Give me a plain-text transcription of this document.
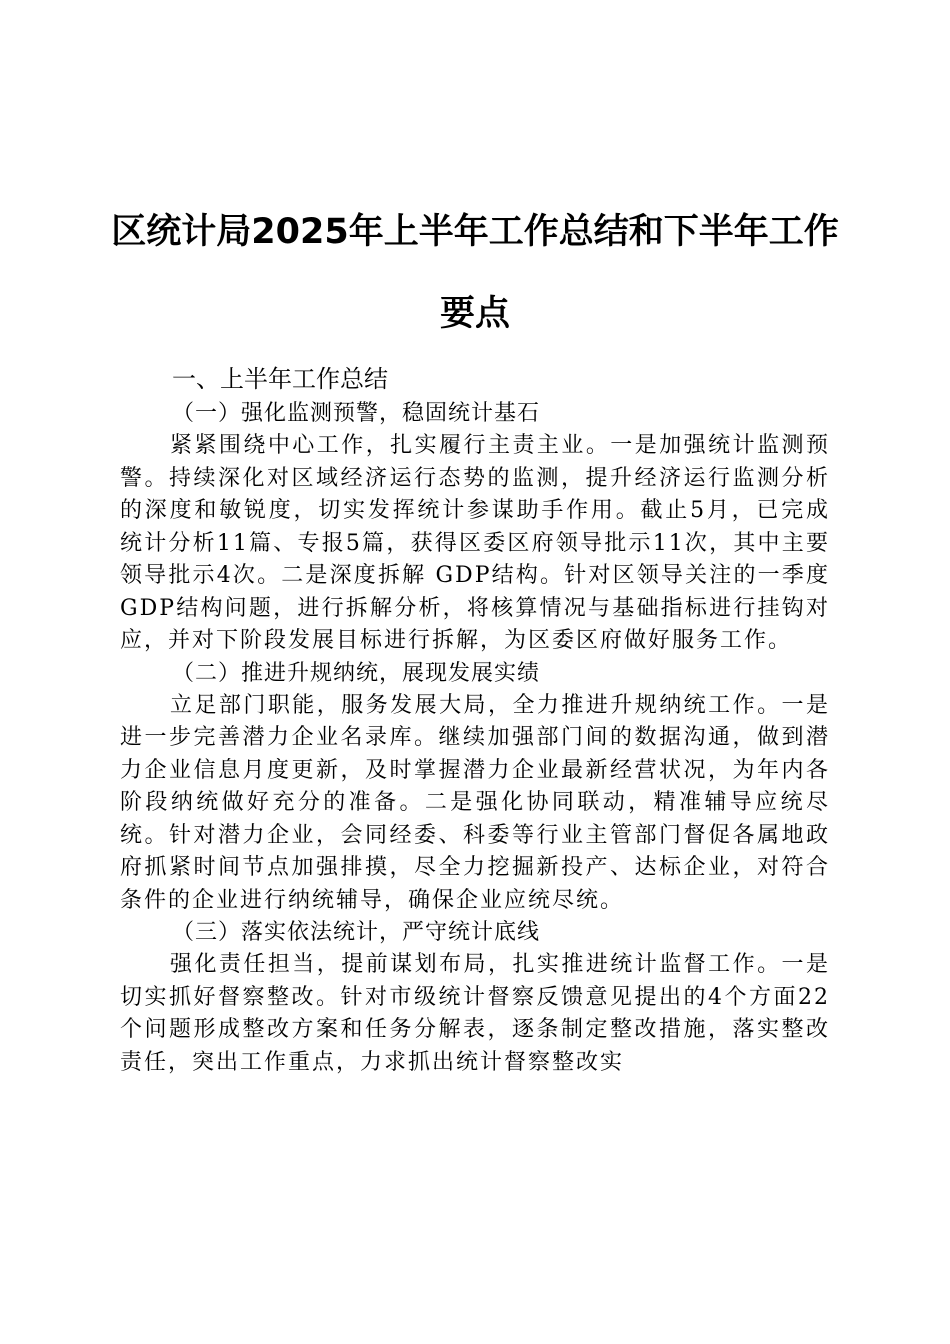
区统计局2025年上半年工作总结和下半年工作要点

一、上半年工作总结

（一）强化监测预警，稳固统计基石

紧紧围绕中心工作，扎实履行主责主业。一是加强统计监测预警。持续深化对区域经济运行态势的监测，提升经济运行监测分析的深度和敏锐度，切实发挥统计参谋助手作用。截止5月，已完成统计分析11篇、专报5篇，获得区委区府领导批示11次，其中主要领导批示4次。二是深度拆解 GDP结构。针对区领导关注的一季度GDP结构问题，进行拆解分析，将核算情况与基础指标进行挂钩对应，并对下阶段发展目标进行拆解，为区委区府做好服务工作。

（二）推进升规纳统，展现发展实绩

立足部门职能，服务发展大局，全力推进升规纳统工作。一是进一步完善潜力企业名录库。继续加强部门间的数据沟通，做到潜力企业信息月度更新，及时掌握潜力企业最新经营状况，为年内各阶段纳统做好充分的准备。二是强化协同联动，精准辅导应统尽统。针对潜力企业，会同经委、科委等行业主管部门督促各属地政府抓紧时间节点加强排摸，尽全力挖掘新投产、达标企业，对符合条件的企业进行纳统辅导，确保企业应统尽统。

（三）落实依法统计，严守统计底线

强化责任担当，提前谋划布局，扎实推进统计监督工作。一是切实抓好督察整改。针对市级统计督察反馈意见提出的4个方面22个问题形成整改方案和任务分解表，逐条制定整改措施，落实整改责任，突出工作重点，力求抓出统计督察整改实
